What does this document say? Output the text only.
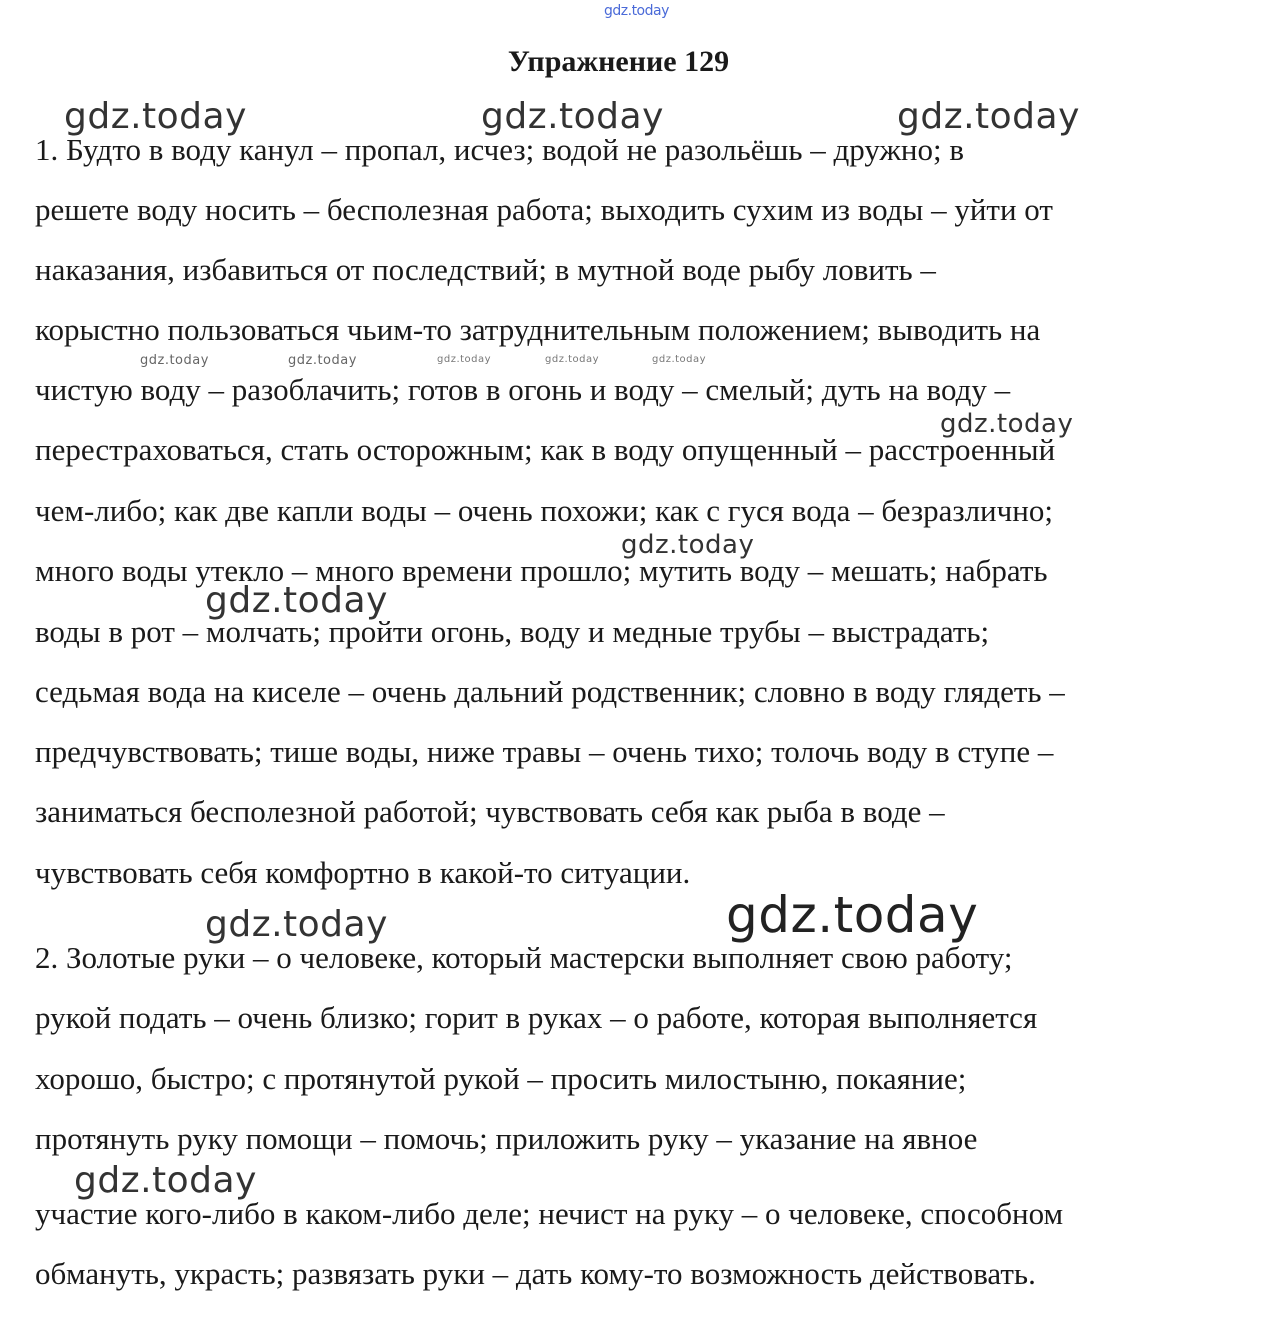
gdz.today
Упражнение 129
1. Будто в воду канул – пропал, исчез; водой не разольёшь – дружно; в
решете воду носить – бесполезная работа; выходить сухим из воды – уйти от
наказания, избавиться от последствий; в мутной воде рыбу ловить –
корыстно пользоваться чьим-то затруднительным положением; выводить на
чистую воду – разоблачить; готов в огонь и воду – смелый; дуть на воду –
перестраховаться, стать осторожным; как в воду опущенный – расстроенный
чем-либо; как две капли воды – очень похожи; как с гуся вода – безразлично;
много воды утекло – много времени прошло; мутить воду – мешать; набрать
воды в рот – молчать; пройти огонь, воду и медные трубы – выстрадать;
седьмая вода на киселе – очень дальний родственник; словно в воду глядеть –
предчувствовать; тише воды, ниже травы – очень тихо; толочь воду в ступе –
заниматься бесполезной работой; чувствовать себя как рыба в воде –
чувствовать себя комфортно в какой-то ситуации.
2. Золотые руки – о человеке, который мастерски выполняет свою работу;
рукой подать – очень близко; горит в руках – о работе, которая выполняется
хорошо, быстро; с протянутой рукой – просить милостыню, покаяние;
протянуть руку помощи – помочь; приложить руку – указание на явное
участие кого-либо в каком-либо деле; нечист на руку – о человеке, способном
обмануть, украсть; развязать руки – дать кому-то возможность действовать.
gdz.today	gdz.today	gdz.today
gdz.today	gdz.today	gdz.today	gdz.today	gdz.today
gdz.today
gdz.today
gdz.today
gdz.today
gdz.today
gdz.today
